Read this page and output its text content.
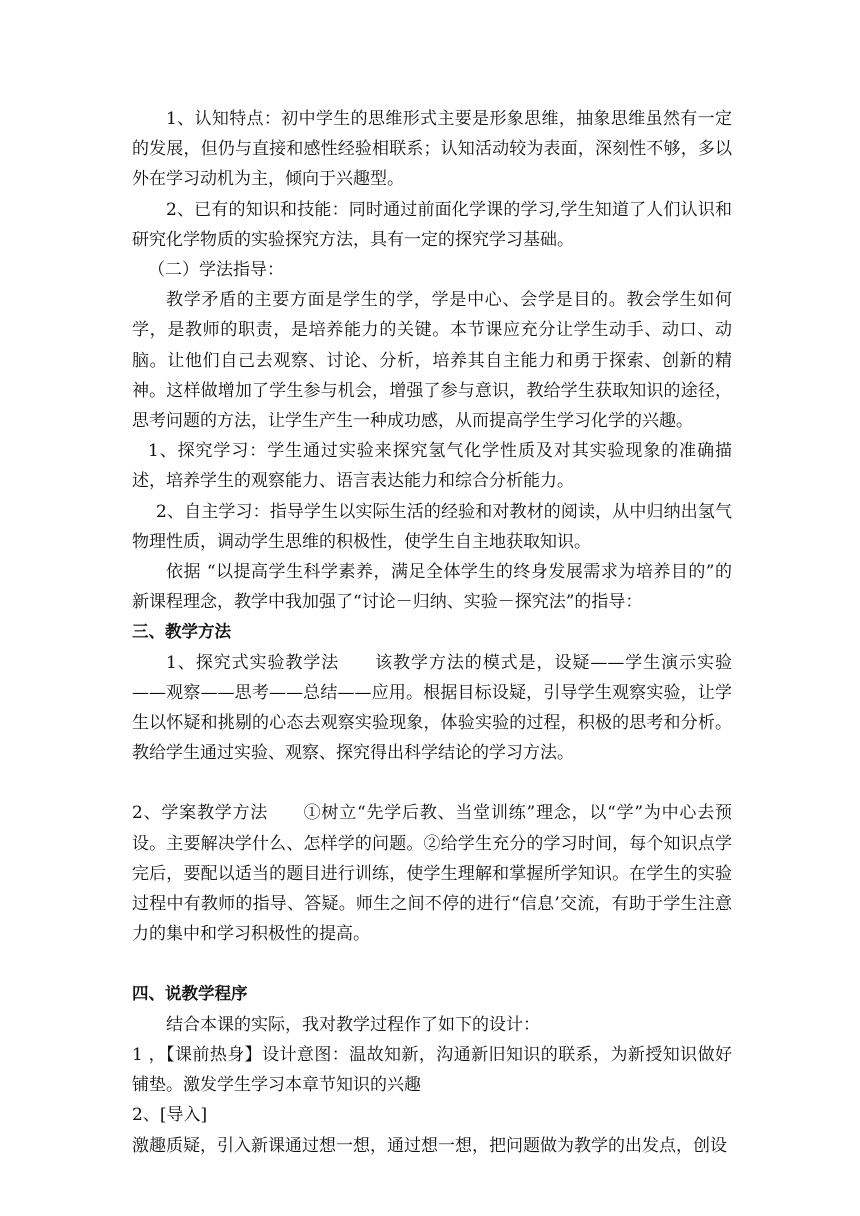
1、认知特点：初中学生的思维形式主要是形象思维，抽象思维虽然有一定的发展，但仍与直接和感性经验相联系；认知活动较为表面，深刻性不够，多以外在学习动机为主，倾向于兴趣型。

2、已有的知识和技能：同时通过前面化学课的学习,学生知道了人们认识和研究化学物质的实验探究方法，具有一定的探究学习基础。

（二）学法指导：

教学矛盾的主要方面是学生的学，学是中心、会学是目的。教会学生如何学，是教师的职责，是培养能力的关键。本节课应充分让学生动手、动口、动脑。让他们自己去观察、讨论、分析，培养其自主能力和勇于探索、创新的精神。这样做增加了学生参与机会，增强了参与意识，教给学生获取知识的途径，思考问题的方法，让学生产生一种成功感，从而提高学生学习化学的兴趣。

1、探究学习：学生通过实验来探究氢气化学性质及对其实验现象的准确描述，培养学生的观察能力、语言表达能力和综合分析能力。

2、自主学习：指导学生以实际生活的经验和对教材的阅读，从中归纳出氢气物理性质，调动学生思维的积极性，使学生自主地获取知识。

依据 “以提高学生科学素养，满足全体学生的终身发展需求为培养目的”的新课程理念，教学中我加强了“讨论－归纳、实验－探究法”的指导：

三、教学方法

1、探究式实验教学法　　该教学方法的模式是，设疑——学生演示实验——观察——思考——总结——应用。根据目标设疑，引导学生观察实验，让学生以怀疑和挑剔的心态去观察实验现象，体验实验的过程，积极的思考和分析。教给学生通过实验、观察、探究得出科学结论的学习方法。

2、学案教学方法　　①树立“先学后教、当堂训练”理念，以“学”为中心去预设。主要解决学什么、怎样学的问题。②给学生充分的学习时间，每个知识点学完后，要配以适当的题目进行训练，使学生理解和掌握所学知识。在学生的实验过程中有教师的指导、答疑。师生之间不停的进行“信息’交流，有助于学生注意力的集中和学习积极性的提高。

四、说教学程序

结合本课的实际，我对教学过程作了如下的设计：

1 ，【课前热身】设计意图：温故知新，沟通新旧知识的联系，为新授知识做好铺垫。激发学生学习本章节知识的兴趣

2、[导入]

激趣质疑，引入新课通过想一想，通过想一想，把问题做为教学的出发点，创设
